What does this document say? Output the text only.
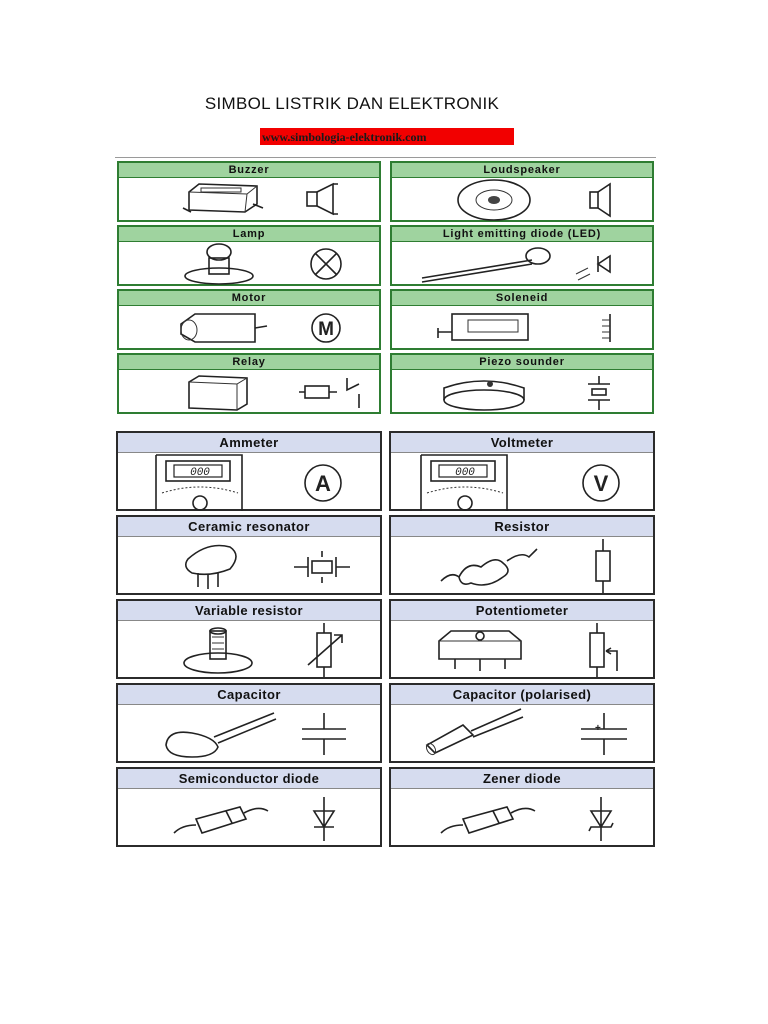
SIMBOL LISTRIK DAN ELEKTRONIK
www.simbologia-elektronik.com
Buzzer	Loudspeaker
Lamp	Light emitting diode (LED)
Motor
M
Soleneid
Relay	Piezo sounder
Ammeter
000	A
Voltmeter
000	V
Ceramic resonator	Resistor
Variable resistor	Potentiometer
Capacitor	Capacitor (polarised)
+
Semiconductor diode	Zener diode
